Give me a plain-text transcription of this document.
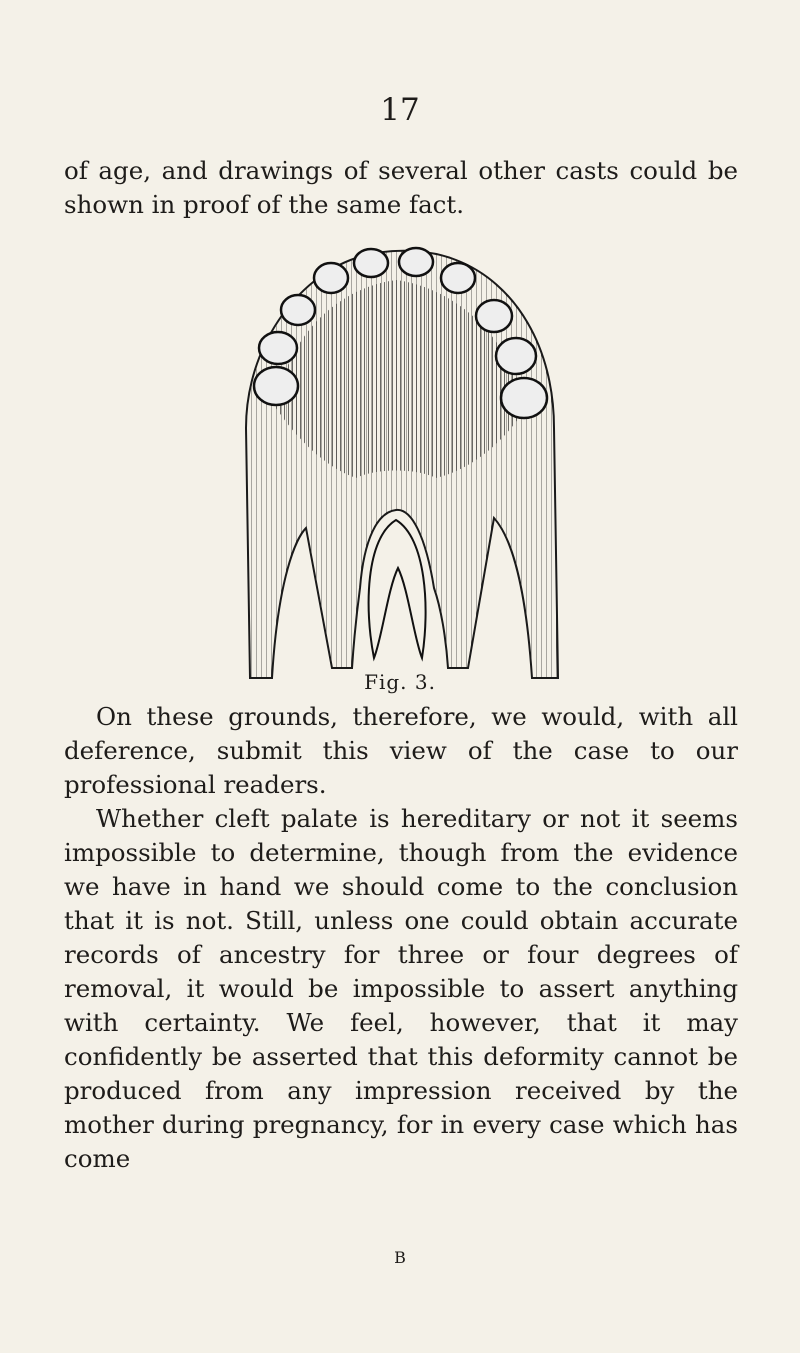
17

of age, and drawings of several other casts could be shown in proof of the same fact.

Fig. 3.

On these grounds, therefore, we would, with all deference, submit this view of the case to our professional readers.

Whether cleft palate is hereditary or not it seems impossible to determine, though from the evidence we have in hand we should come to the conclusion that it is not. Still, unless one could obtain accurate records of ancestry for three or four degrees of removal, it would be impossible to assert anything with certainty. We feel, however, that it may confidently be asserted that this deformity cannot be produced from any impression received by the mother during pregnancy, for in every case which has come

B
